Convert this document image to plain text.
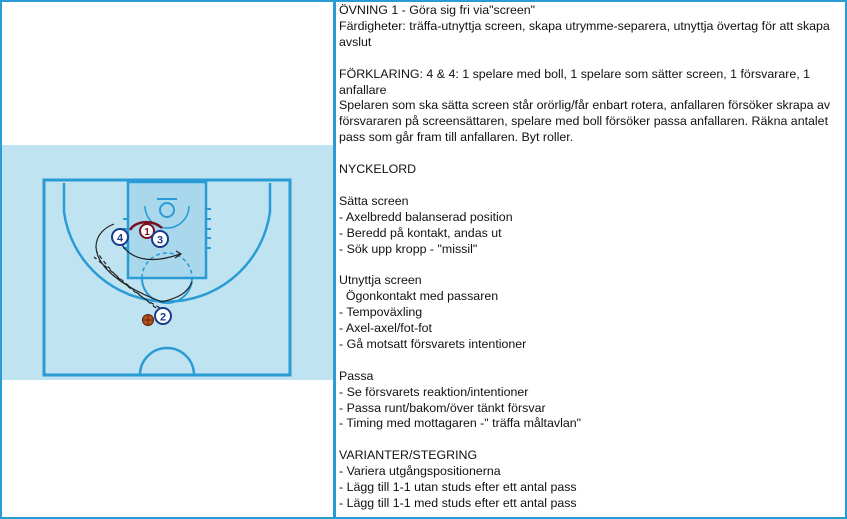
4 1
3
2
ÖVNING 1 - Göra sig fri via"screen"
Färdigheter: träffa-utnyttja screen, skapa utrymme-separera, utnyttja övertag för att skapa avslut
FÖRKLARING: 4 & 4: 1 spelare med boll, 1 spelare som sätter screen, 1 försvarare, 1 anfallare
Spelaren som ska sätta screen står orörlig/får enbart rotera, anfallaren försöker skrapa av försvararen på screensättaren, spelare med boll försöker passa anfallaren. Räkna antalet pass som går fram till anfallaren. Byt roller.
NYCKELORD
Sätta screen
- Axelbredd balanserad position
- Beredd på kontakt, andas ut
- Sök upp kropp - "missil"
Utnyttja screen
Ögonkontakt med passaren
- Tempoväxling
- Axel-axel/fot-fot
- Gå motsatt försvarets intentioner
Passa
- Se försvarets reaktion/intentioner
- Passa runt/bakom/över tänkt försvar
- Timing med mottagaren -" träffa måltavlan"
VARIANTER/STEGRING
- Variera utgångspositionerna
- Lägg till 1-1 utan studs efter ett antal pass
- Lägg till 1-1 med studs efter ett antal pass
